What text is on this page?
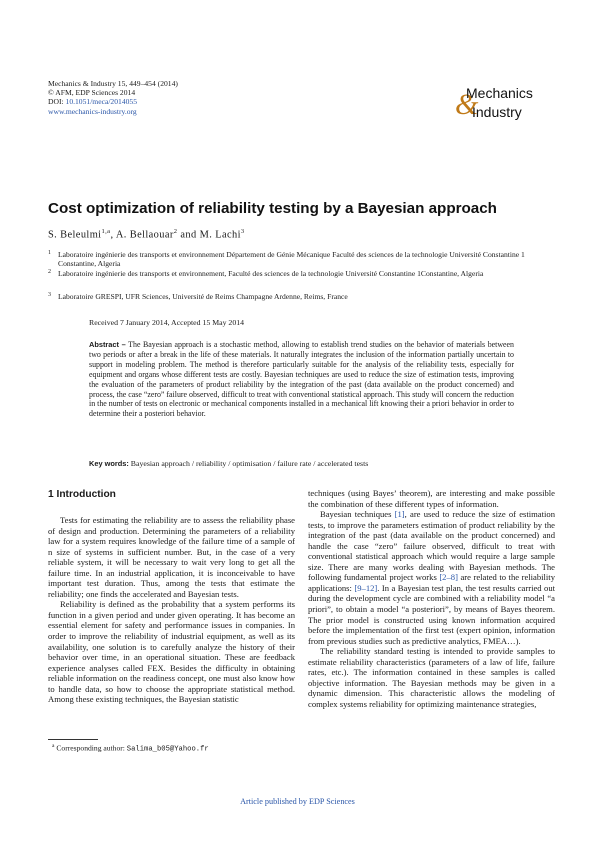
Mechanics & Industry 15, 449–454 (2014)
© AFM, EDP Sciences 2014
DOI: 10.1051/meca/2014055
www.mechanics-industry.org	&
Mechanics
Industry
Cost optimization of reliability testing by a Bayesian approach
S. Beleulmi$^{1,a}$, A. Bellaouar$^2$ and M. Lachi$^3$
1 Laboratoire ingénierie des transports et environnement Département de Génie Mécanique Faculté des sciences de la technologie Université Constantine 1 Constantine, Algeria
2 Laboratoire ingénierie des transports et environnement, Faculté des sciences de la technologie Université Constantine 1Constantine, Algeria
3 Laboratoire GRESPI, UFR Sciences, Université de Reims Champagne Ardenne, Reims, France
Received 7 January 2014, Accepted 15 May 2014
Abstract – The Bayesian approach is a stochastic method, allowing to establish trend studies on the behavior of materials between two periods or after a break in the life of these materials. It naturally integrates the inclusion of the information partially uncertain to support in modeling problem. The method is therefore particularly suitable for the analysis of the reliability tests, especially for equipment and organs whose different tests are costly. Bayesian techniques are used to reduce the size of estimation tests, improving the evaluation of the parameters of product reliability by the integration of the past (data available on the product concerned) and process, the case “zero” failure observed, difficult to treat with conventional statistical approach. This study will concern the reduction in the number of tests on electronic or mechanical components installed in a mechanical lift knowing their a priori behavior in order to determine their a posteriori behavior.
Key words: Bayesian approach / reliability / optimisation / failure rate / accelerated tests
1 Introduction

Tests for estimating the reliability are to assess the reliability phase of design and production. Determining the parameters of a reliability law for a system requires knowledge of the failure time of a sample of n size of systems in sufficient number. But, in the case of a very reliable system, it will be necessary to wait very long to get all the failure time. In an industrial application, it is inconceivable to have important test duration. Thus, among the tests that estimate the reliability; one finds the accelerated and Bayesian tests.

Reliability is defined as the probability that a system performs its function in a given period and under given operating. It has become an essential element for safety and performance issues in companies. In order to improve the reliability of industrial equipment, as well as its availability, one solution is to carefully analyze the history of their behavior over time, in an operational situation. These are feedback experience analyses called FEX. Besides the difficulty in obtaining reliable information on the readiness concept, one must also know how to handle data, so how to choose the appropriate statistical method. Among these existing techniques, the Bayesian statistic

techniques (using Bayes’ theorem), are interesting and make possible the combination of these different types of information.

Bayesian techniques [1], are used to reduce the size of estimation tests, to improve the parameters estimation of product reliability by the integration of the past (data available on the product concerned) and handle the case “zero” failure observed, difficult to treat with conventional statistical approach which would require a large sample size. There are many works dealing with Bayesian methods. The following fundamental project works [2–8] are related to the reliability applications: [9–12]. In a Bayesian test plan, the test results carried out during the development cycle are combined with a reliability model “a priori”, to obtain a model “a posteriori”, by means of Bayes theorem. The prior model is constructed using known information acquired before the implementation of the first test (expert opinion, information from previous studies such as predictive analytics, FMEA…).

The reliability standard testing is intended to provide samples to estimate reliability characteristics (parameters of a law of life, failure rates, etc.). The information contained in these samples is called objective information. The Bayesian methods may be given in a dynamic dimension. This characteristic allows the modeling of complex systems reliability for optimizing maintenance strategies,

$^a$ Corresponding author: Salima_b05@Yahoo.fr
Article published by EDP Sciences
